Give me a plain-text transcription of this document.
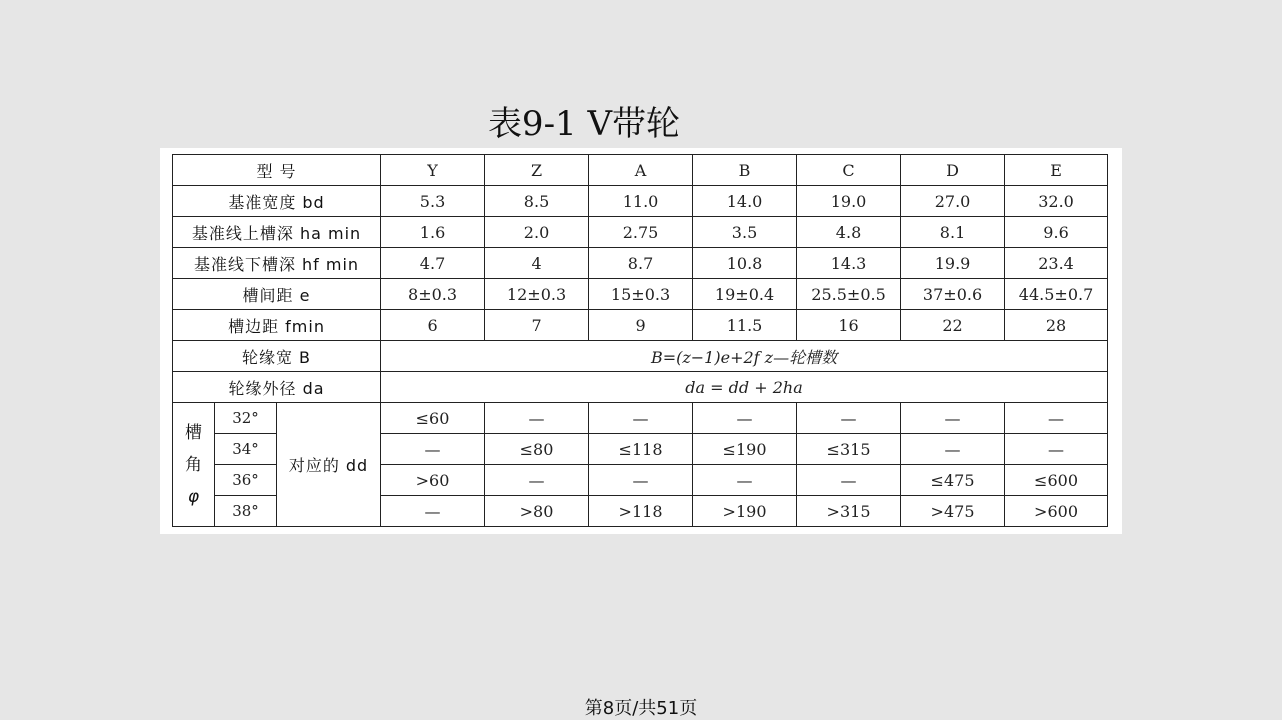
表9-1 V带轮
型 号			Y	Z	A	B	C	D	E
基准宽度 bd			5.3	8.5	11.0	14.0	19.0	27.0	32.0
基准线上槽深 ha min			1.6	2.0	2.75	3.5	4.8	8.1	9.6
基准线下槽深 hf min			4.7	4	8.7	10.8	14.3	19.9	23.4
槽间距 e			8±0.3	12±0.3	15±0.3	19±0.4	25.5±0.5	37±0.6	44.5±0.7
槽边距 fmin			6	7	9	11.5	16	22	28
轮缘宽 B			B=(z−1)e+2f z—轮槽数						
轮缘外径 da			da = dd + 2ha						

槽
角
φ	32°	对应的 dd	≤60	—	—	—	—	—	—
	34°		—	≤80	≤118	≤190	≤315	—	—
	36°		>60	—	—	—	—	≤475	≤600
	38°		—	>80	>118	>190	>315	>475	>600
第8页/共51页
